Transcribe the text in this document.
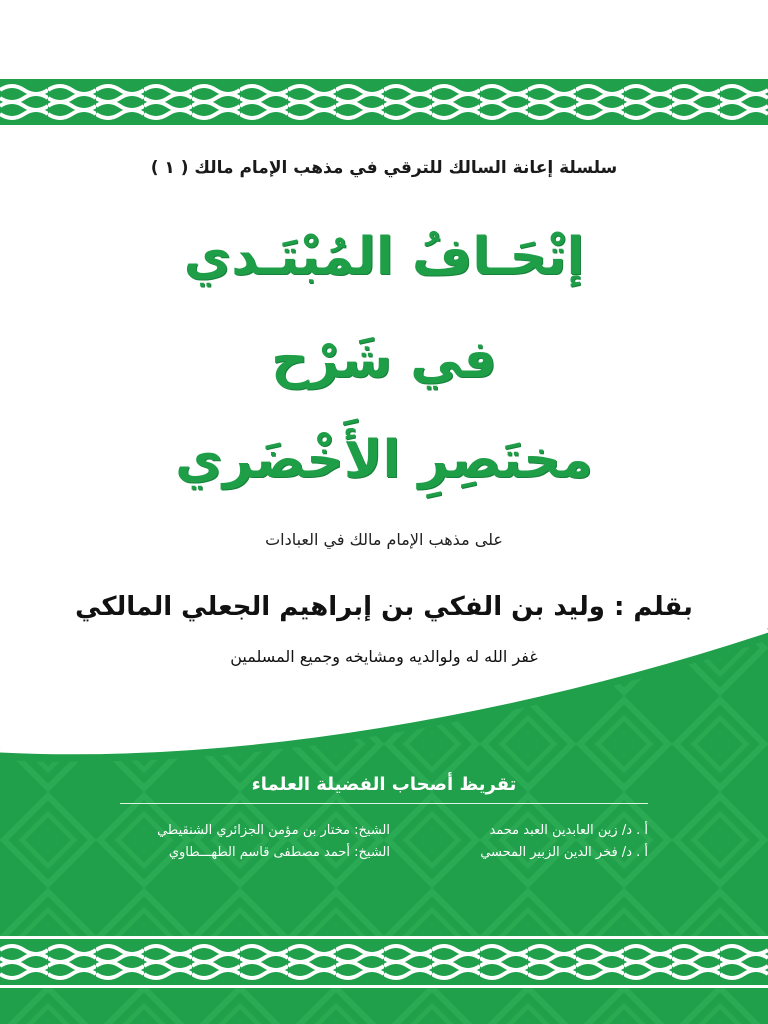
سلسلة إعانة السالك للترقي في مذهب الإمام مالك ( ١ )
إتْحَـافُ المُبْتَـدي
في شَرْح
مختَصِرِ الأَخْضَري
على مذهب الإمام مالك في العبادات
بقلم : وليد بن الفكي بن إبراهيم الجعلي المالكي
غفر الله له ولوالديه ومشايخه وجميع المسلمين
تقريظ أصحاب الفضيلة العلماء
أ . د/ زين العابدين العبد محمد
أ . د/ فخر الدين الزبير المحسي
الشيخ: مختار بن مؤمن الجزائري الشنقيطي
الشيخ: أحمد مصطفى قاسم الطهـــطاوي
